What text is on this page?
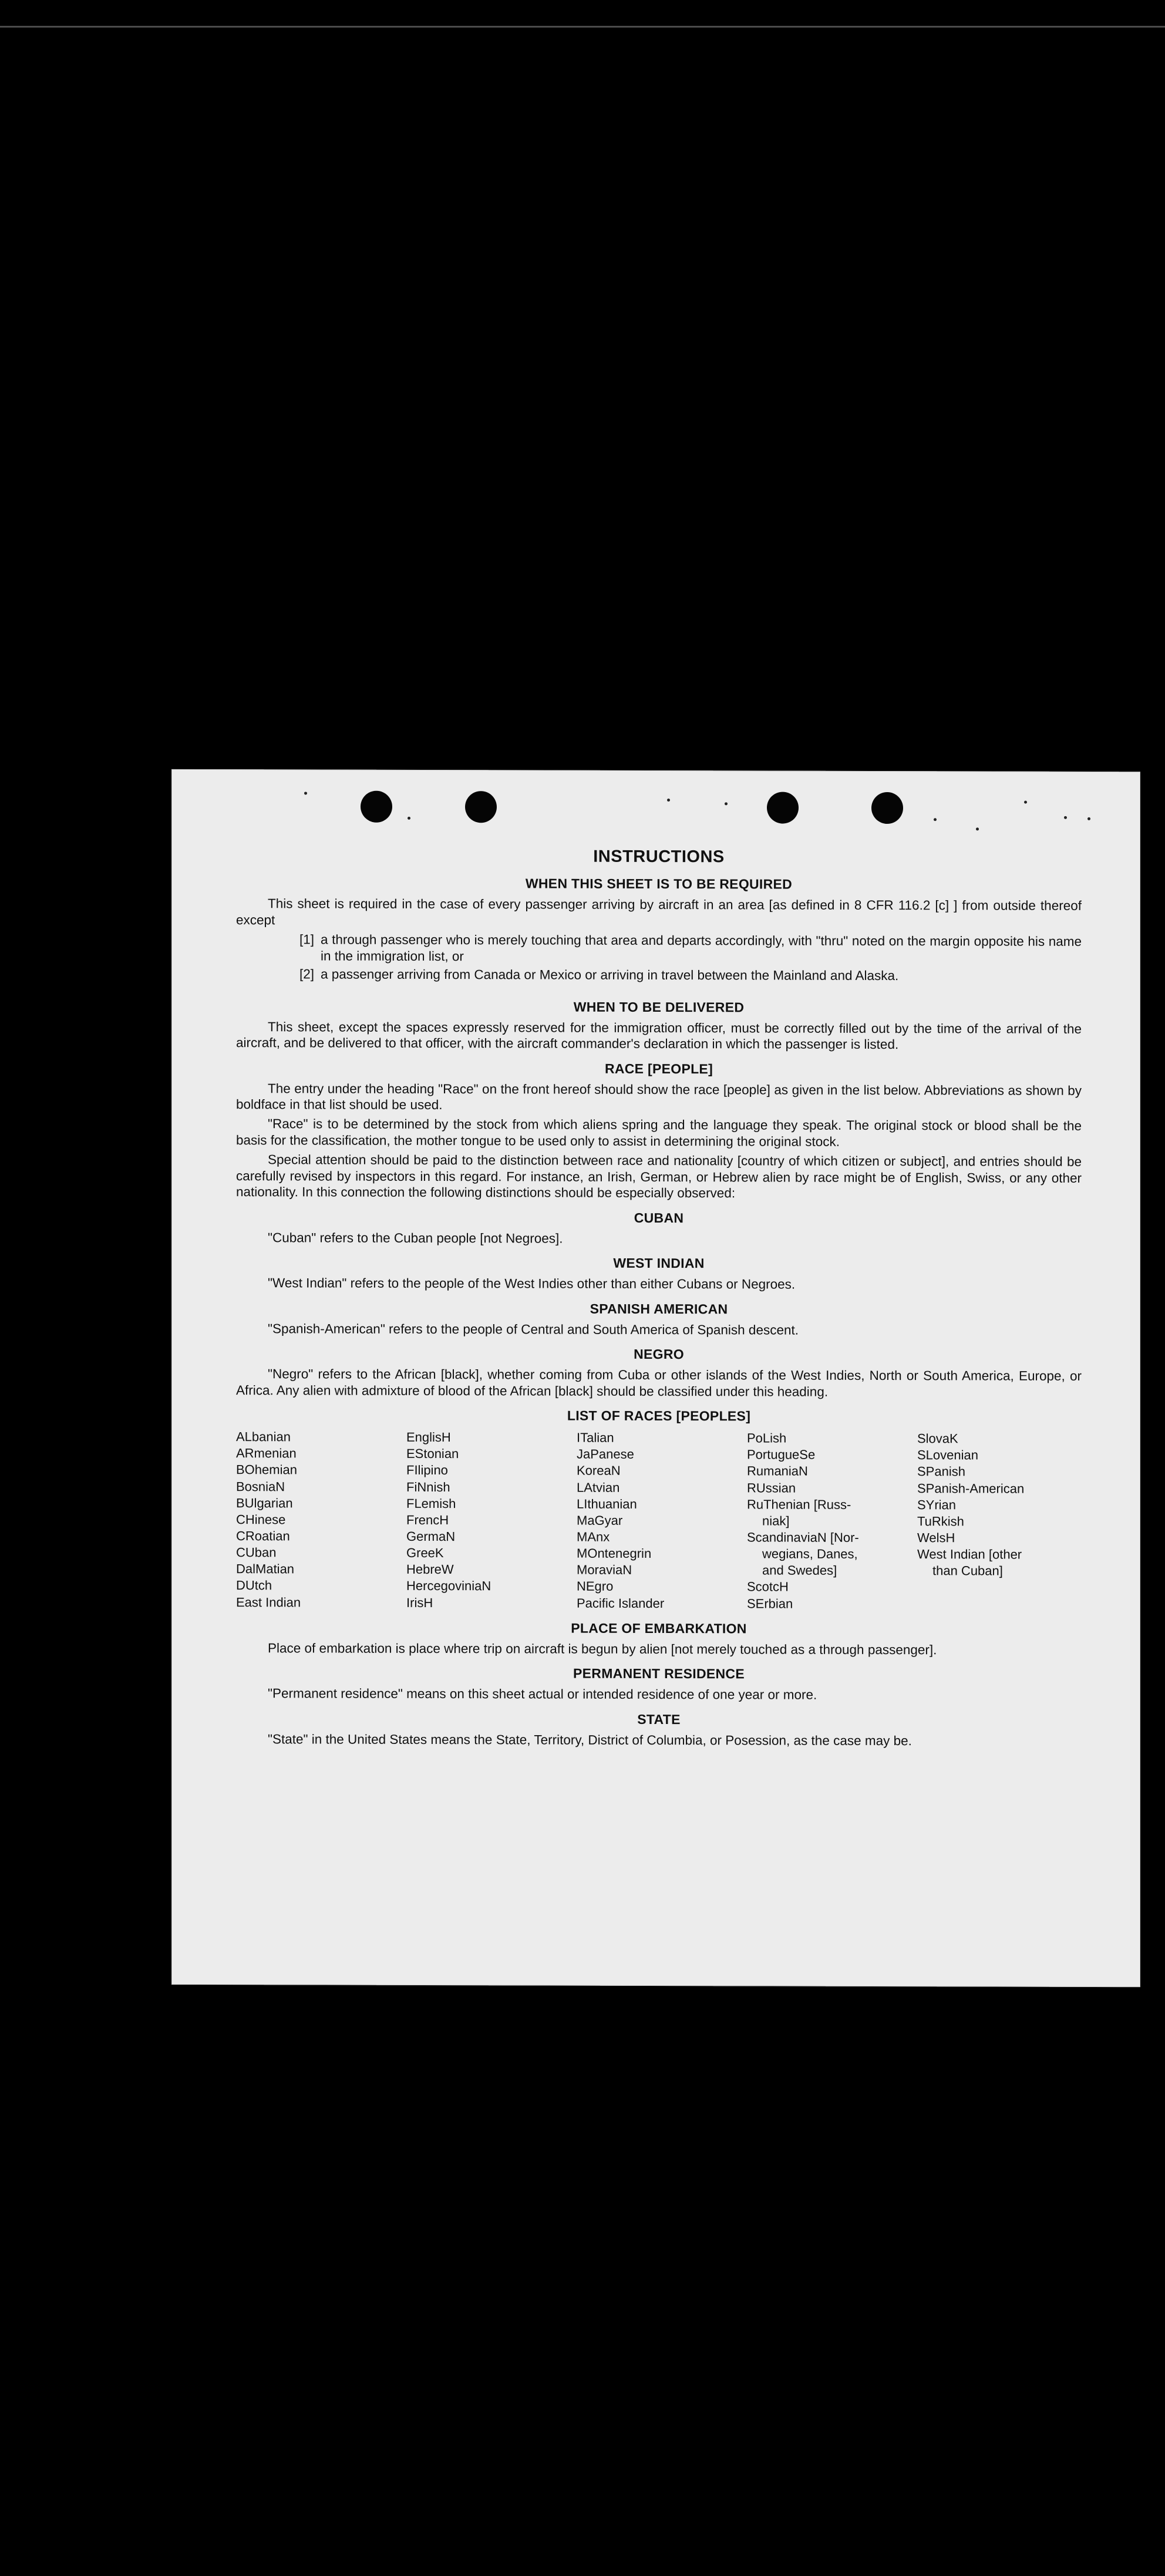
INSTRUCTIONS
WHEN THIS SHEET IS TO BE REQUIRED

This sheet is required in the case of every passenger arriving by aircraft in an area [as defined in 8 CFR 116.2 [c] ] from outside thereof except

[1] a through passenger who is merely touching that area and departs accordingly, with "thru" noted on the margin opposite his name in the immigration list, or
[2] a passenger arriving from Canada or Mexico or arriving in travel between the Mainland and Alaska.
WHEN TO BE DELIVERED

This sheet, except the spaces expressly reserved for the immigration officer, must be correctly filled out by the time of the arrival of the aircraft, and be delivered to that officer, with the aircraft commander's declaration in which the passenger is listed.

RACE [PEOPLE]

The entry under the heading "Race" on the front hereof should show the race [people] as given in the list below. Abbreviations as shown by boldface in that list should be used.

"Race" is to be determined by the stock from which aliens spring and the language they speak. The original stock or blood shall be the basis for the classification, the mother tongue to be used only to assist in determining the original stock.

Special attention should be paid to the distinction between race and nationality [country of which citizen or subject], and entries should be carefully revised by inspectors in this regard. For instance, an Irish, German, or Hebrew alien by race might be of English, Swiss, or any other nationality. In this connection the following distinctions should be especially observed:

CUBAN

"Cuban" refers to the Cuban people [not Negroes].

WEST INDIAN

"West Indian" refers to the people of the West Indies other than either Cubans or Negroes.

SPANISH AMERICAN

"Spanish-American" refers to the people of Central and South America of Spanish descent.

NEGRO

"Negro" refers to the African [black], whether coming from Cuba or other islands of the West Indies, North or South America, Europe, or Africa. Any alien with admixture of blood of the African [black] should be classified under this heading.

LIST OF RACES [PEOPLES]
ALbanian
ARmenian
BOhemian
BosniaN
BUlgarian
CHinese
CRoatian
CUban
DalMatian
DUtch
East Indian
EnglisH
EStonian
FIlipino
FiNnish
FLemish
FrencH
GermaN
GreeK
HebreW
HercegoviniaN
IrisH
ITalian
JaPanese
KoreaN
LAtvian
LIthuanian
MaGyar
MAnx
MOntenegrin
MoraviaN
NEgro
Pacific Islander
PoLish
PortugueSe
RumaniaN
RUssian
RuThenian [Russ-
niak]
ScandinaviaN [Nor-
wegians, Danes,
and Swedes]
ScotcH
SErbian
SlovaK
SLovenian
SPanish
SPanish-American
SYrian
TuRkish
WelsH
West Indian [other
than Cuban]
PLACE OF EMBARKATION

Place of embarkation is place where trip on aircraft is begun by alien [not merely touched as a through passenger].

PERMANENT RESIDENCE

"Permanent residence" means on this sheet actual or intended residence of one year or more.

STATE

"State" in the United States means the State, Territory, District of Columbia, or Posession, as the case may be.
